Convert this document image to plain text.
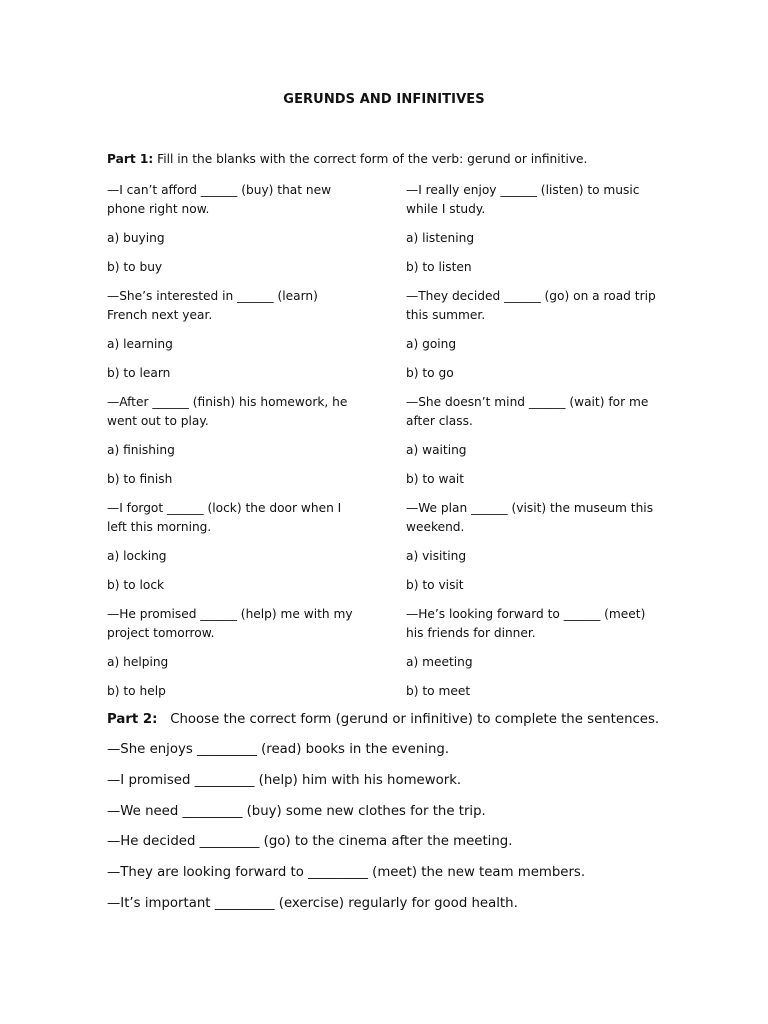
GERUNDS AND INFINITIVES
Part 1: Fill in the blanks with the correct form of the verb: gerund or infinitive.
—I can’t afford ______ (buy) that new phone right now.
a) buying
b) to buy
—She’s interested in ______ (learn) French next year.
a) learning
b) to learn
—After ______ (finish) his homework, he went out to play.
a) finishing
b) to finish
—I forgot ______ (lock) the door when I left this morning.
a) locking
b) to lock
—He promised ______ (help) me with my project tomorrow.
a) helping
b) to help
—I really enjoy ______ (listen) to music while I study.
a) listening
b) to listen
—They decided ______ (go) on a road trip this summer.
a) going
b) to go
—She doesn’t mind ______ (wait) for me after class.
a) waiting
b) to wait
—We plan ______ (visit) the museum this weekend.
a) visiting
b) to visit
—He’s looking forward to ______ (meet) his friends for dinner.
a) meeting
b) to meet
Part 2: Choose the correct form (gerund or infinitive) to complete the sentences.
—She enjoys _________ (read) books in the evening.
—I promised _________ (help) him with his homework.
—We need _________ (buy) some new clothes for the trip.
—He decided _________ (go) to the cinema after the meeting.
—They are looking forward to _________ (meet) the new team members.
—It’s important _________ (exercise) regularly for good health.
